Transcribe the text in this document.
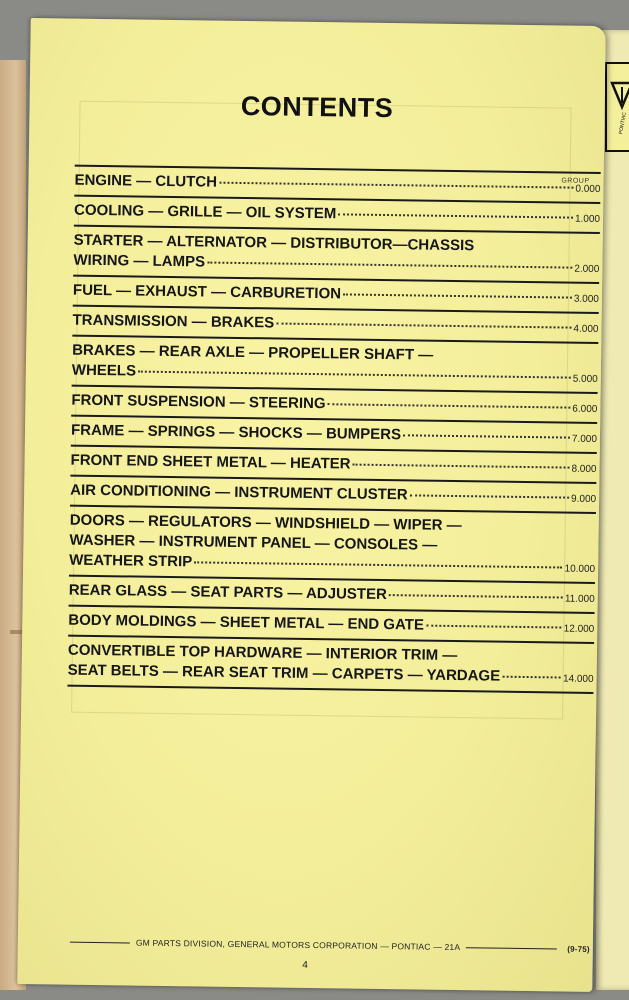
PONTIAC
CONTENTS
GROUP
ENGINE — CLUTCH	0.000
COOLING — GRILLE — OIL SYSTEM	1.000
STARTER — ALTERNATOR — DISTRIBUTOR—CHASSIS
WIRING — LAMPS	2.000
FUEL — EXHAUST — CARBURETION	3.000
TRANSMISSION — BRAKES	4.000
BRAKES — REAR AXLE — PROPELLER SHAFT —
WHEELS	5.000
FRONT SUSPENSION — STEERING	6.000
FRAME — SPRINGS — SHOCKS — BUMPERS	7.000
FRONT END SHEET METAL — HEATER	8.000
AIR CONDITIONING — INSTRUMENT CLUSTER	9.000
DOORS — REGULATORS — WINDSHIELD — WIPER —
WASHER — INSTRUMENT PANEL — CONSOLES —
WEATHER STRIP	10.000
REAR GLASS — SEAT PARTS — ADJUSTER	11.000
BODY MOLDINGS — SHEET METAL — END GATE	12.000
CONVERTIBLE TOP HARDWARE — INTERIOR TRIM —
SEAT BELTS — REAR SEAT TRIM — CARPETS — YARDAGE	14.000
GM PARTS DIVISION, GENERAL MOTORS CORPORATION — PONTIAC — 21A	(9-75)
4
